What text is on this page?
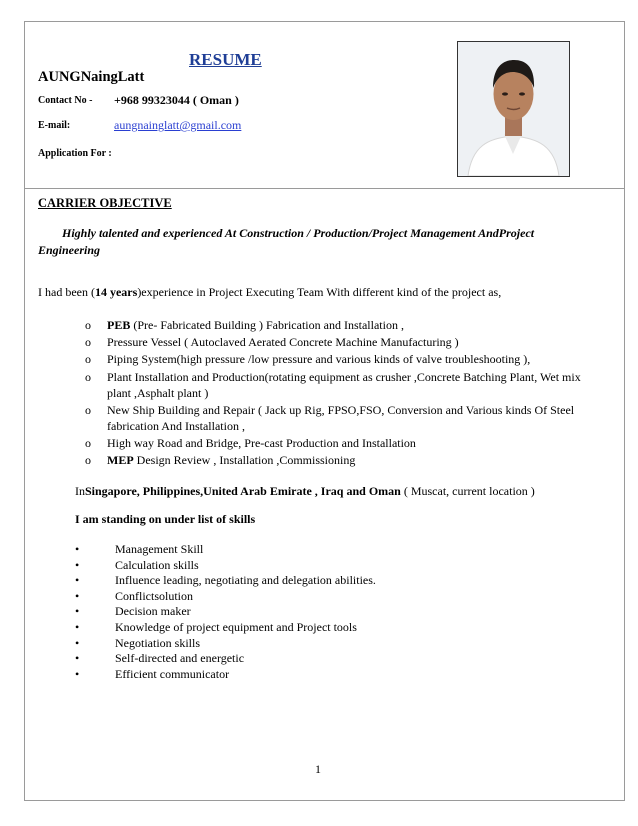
RESUME
AUNGNaingLatt
Contact No - +968 99323044 ( Oman )
E-mail:	aungnainglatt@gmail.com
Application For :
CARRIER OBJECTIVE
Highly talented and experienced At Construction / Production/Project Management AndProject Engineering
I had been (14 years)experience in Project Executing Team With different kind of the project as,
o PEB (Pre- Fabricated Building ) Fabrication and Installation ,
o Pressure Vessel ( Autoclaved Aerated Concrete Machine Manufacturing )
o Piping System(high pressure /low pressure and various kinds of valve troubleshooting ),
o Plant Installation and Production(rotating equipment as crusher ,Concrete Batching Plant, Wet mix plant ,Asphalt plant )
o New Ship Building and Repair ( Jack up Rig, FPSO,FSO, Conversion and Various kinds Of Steel fabrication And Installation ,
o High way Road and Bridge, Pre-cast Production and Installation
o MEP Design Review , Installation ,Commissioning
InSingapore, Philippines,United Arab Emirate , Iraq and Oman ( Muscat, current location )
I am standing on under list of skills
•	Management Skill
•	Calculation skills
•	Influence leading, negotiating and delegation abilities.
•	Conflictsolution
•	Decision maker
•	Knowledge of project equipment and Project tools
•	Negotiation skills
•	Self-directed and energetic
•	Efficient communicator
1
